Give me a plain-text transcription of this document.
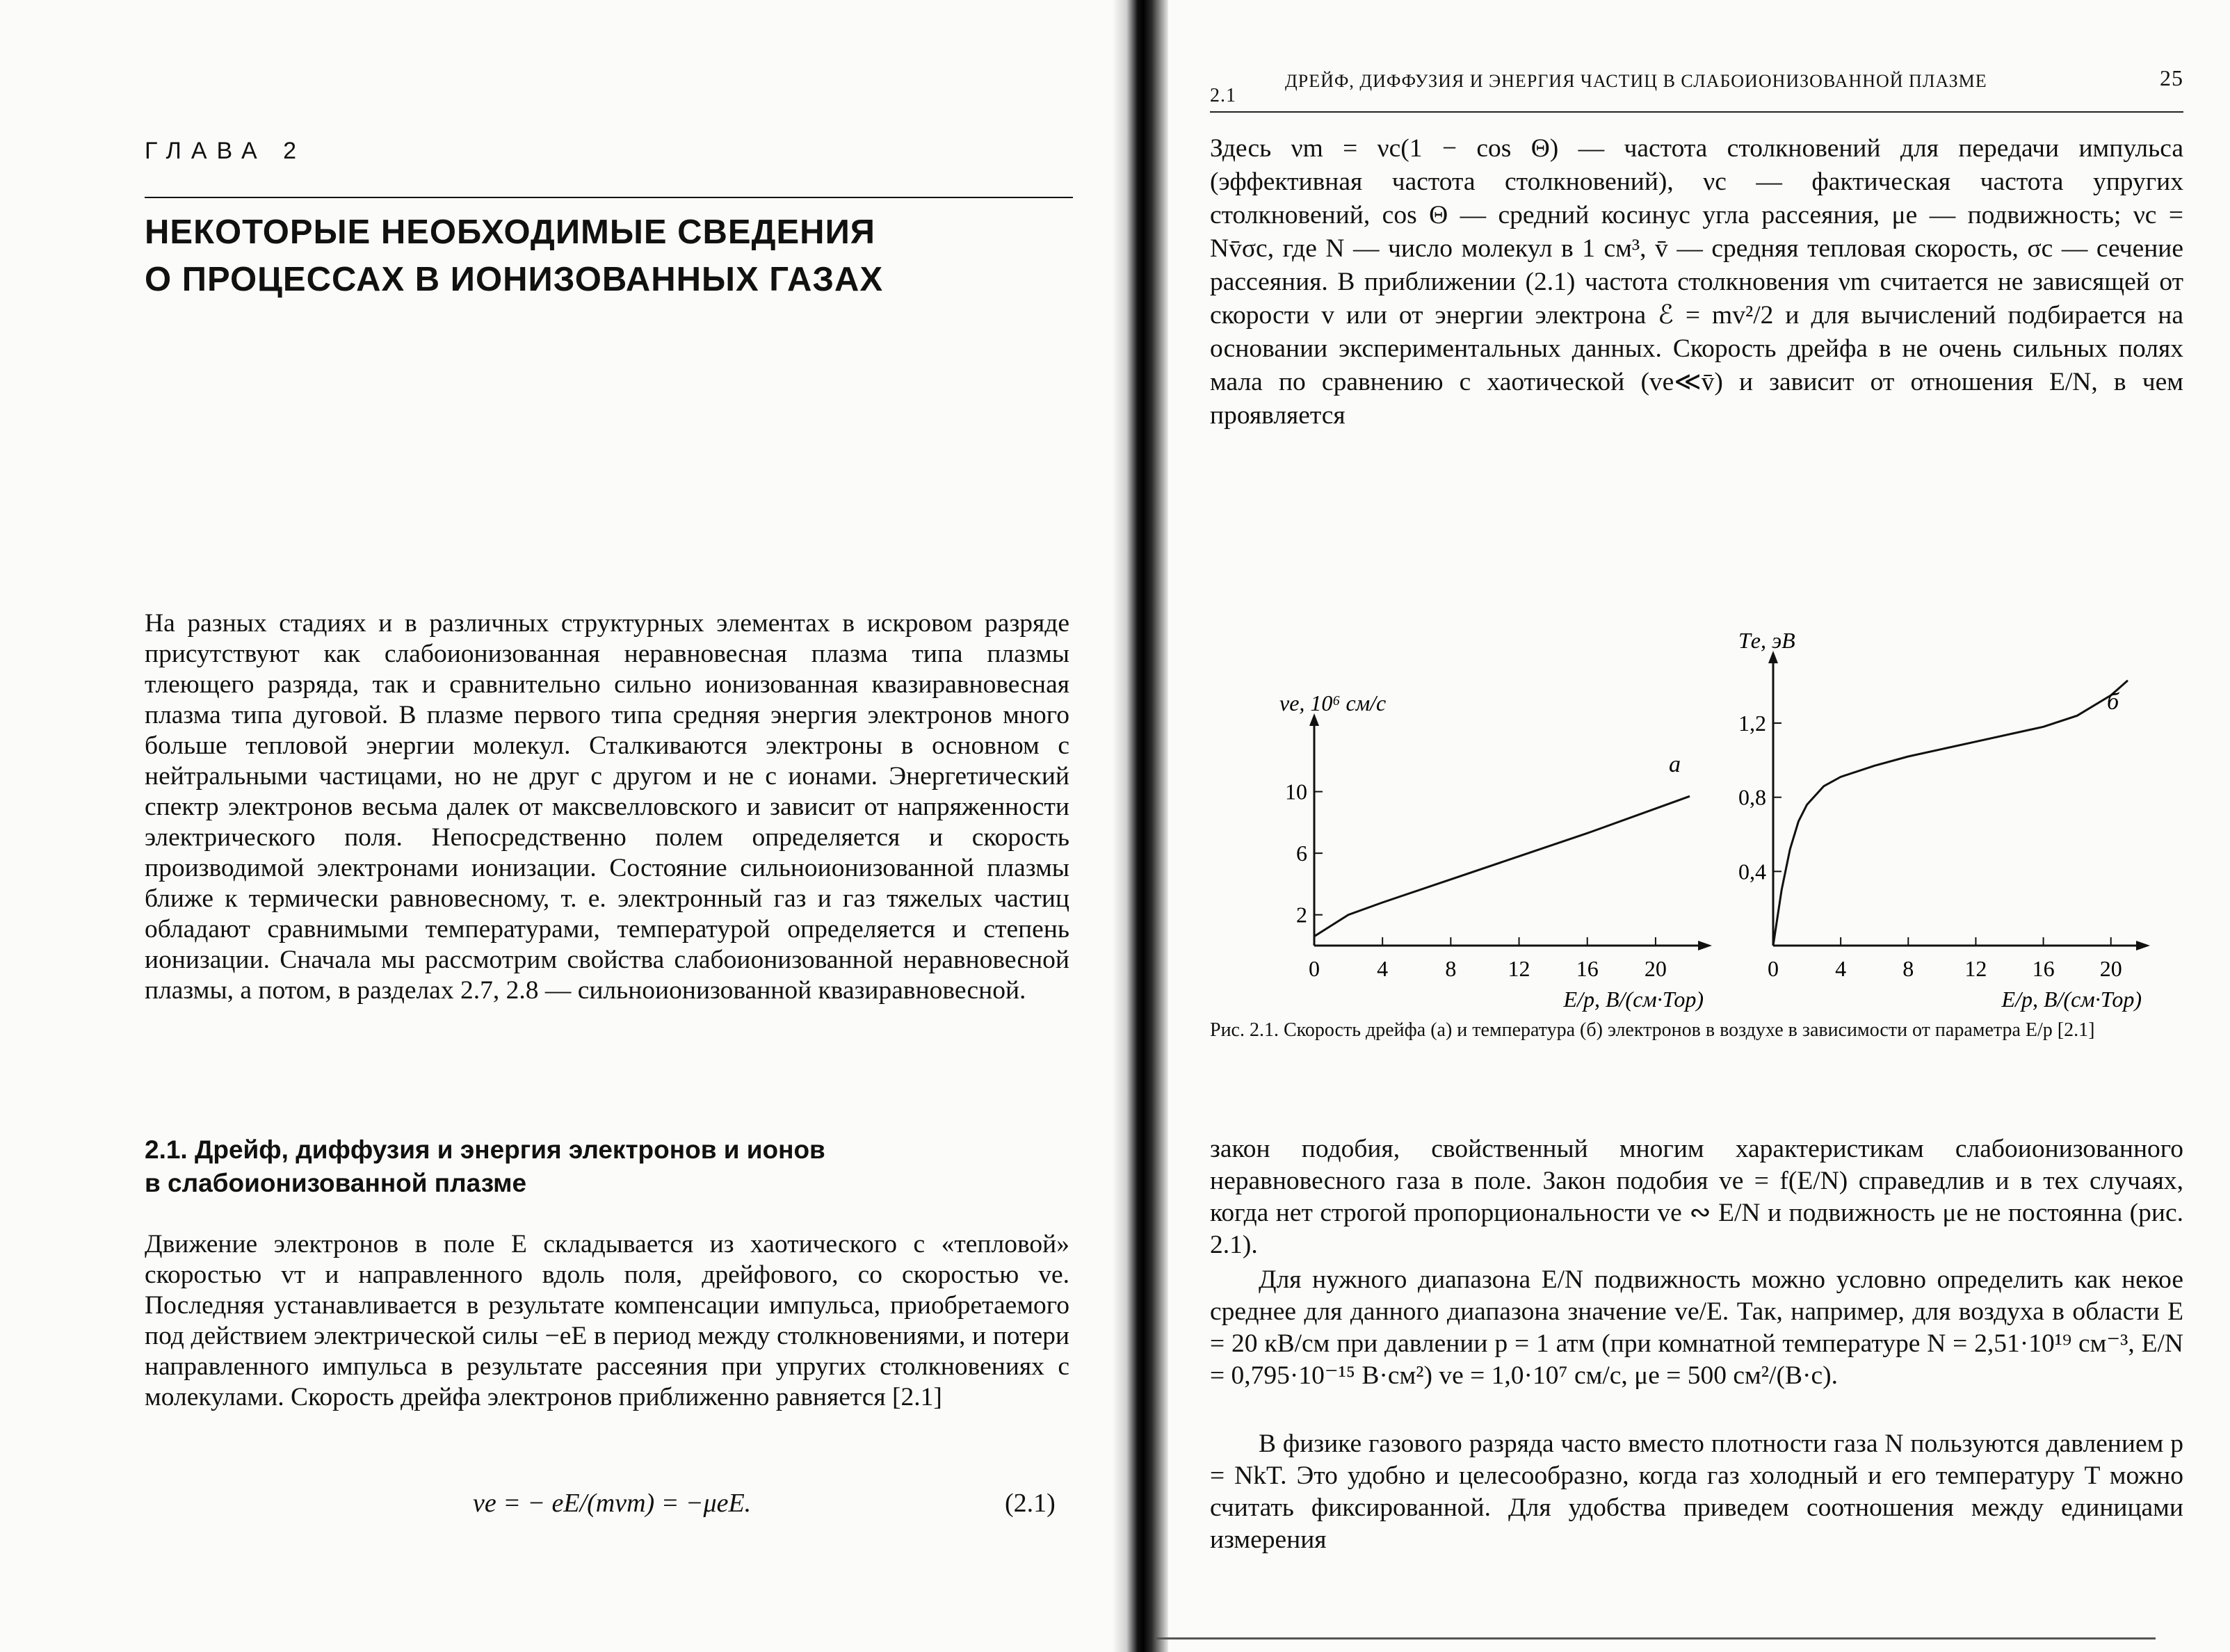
ГЛАВА 2
НЕКОТОРЫЕ НЕОБХОДИМЫЕ СВЕДЕНИЯ
О ПРОЦЕССАХ В ИОНИЗОВАННЫХ ГАЗАХ
На разных стадиях и в различных структурных элементах в искровом разряде присутствуют как слабоионизованная неравновесная плазма типа плазмы тлеющего разряда, так и сравнительно сильно ионизованная квазиравновесная плазма типа дуговой. В плазме первого типа средняя энергия электронов много больше тепловой энергии молекул. Сталкиваются электроны в основном с нейтральными частицами, но не друг с другом и не с ионами. Энергетический спектр электронов весьма далек от максвелловского и зависит от напряженности электрического поля. Непосредственно полем определяется и скорость производимой электронами ионизации. Состояние сильноионизованной плазмы ближе к термически равновесному, т. е. электронный газ и газ тяжелых частиц обладают сравнимыми температурами, температурой определяется и степень ионизации. Сначала мы рассмотрим свойства слабоионизованной неравновесной плазмы, а потом, в разделах 2.7, 2.8 — сильноионизованной квазиравновесной.
2.1. Дрейф, диффузия и энергия электронов и ионов
в слабоионизованной плазме
Движение электронов в поле E складывается из хаотического с «тепловой» скоростью vт и направленного вдоль поля, дрейфового, со скоростью vе. Последняя устанавливается в результате компенсации импульса, приобретаемого под действием электрической силы −eE в период между столкновениями, и потери направленного импульса в результате рассеяния при упругих столкновениях с молекулами. Скорость дрейфа электронов приближенно равняется [2.1]
vе = − eE/(mνm) = −μеE.	(2.1)
2.1
ДРЕЙФ, ДИФФУЗИЯ И ЭНЕРГИЯ ЧАСТИЦ В СЛАБОИОНИЗОВАННОЙ ПЛАЗМЕ	25
Здесь νm = νc(1 − cos Θ) — частота столкновений для передачи импульса (эффективная частота столкновений), νc — фактическая частота упругих столкновений, cos Θ — средний косинус угла рассеяния, μе — подвижность; νc = Nv̄σc, где N — число молекул в 1 см³, v̄ — средняя тепловая скорость, σc — сечение рассеяния. В приближении (2.1) частота столкновения νm считается не зависящей от скорости v или от энергии электрона ℰ = mv²/2 и для вычислений подбирается на основании экспериментальных данных. Скорость дрейфа в не очень сильных полях мала по сравнению с хаотической (vе≪v̄) и зависит от отношения E/N, в чем проявляется
0	4	8 12 16 20
2
6
10
vе, 10⁶ см/с
E/p, В/(см·Тор)
а
0	4	8 12 16 20
0,4
0,8
1,2
Tе, эВ
E/p, В/(см·Тор)
б
Рис. 2.1. Скорость дрейфа (а) и температура (б) электронов в воздухе в зависимости от параметра E/p [2.1]
закон подобия, свойственный многим характеристикам слабоионизованного неравновесного газа в поле. Закон подобия vе = f(E/N) справедлив и в тех случаях, когда нет строгой пропорциональности vе ∾ E/N и подвижность μе не постоянна (рис. 2.1).
Для нужного диапазона E/N подвижность можно условно определить как некое среднее для данного диапазона значение vе/E. Так, например, для воздуха в области E = 20 кВ/см при давлении p = 1 атм (при комнатной температуре N = 2,51·10¹⁹ см⁻³, E/N = 0,795·10⁻¹⁵ В·см²) vе = 1,0·10⁷ см/с, μе = 500 см²/(В·с).
В физике газового разряда часто вместо плотности газа N пользуются давлением p = NkT. Это удобно и целесообразно, когда газ холодный и его температуру T можно считать фиксированной. Для удобства приведем соотношения между единицами измерения
